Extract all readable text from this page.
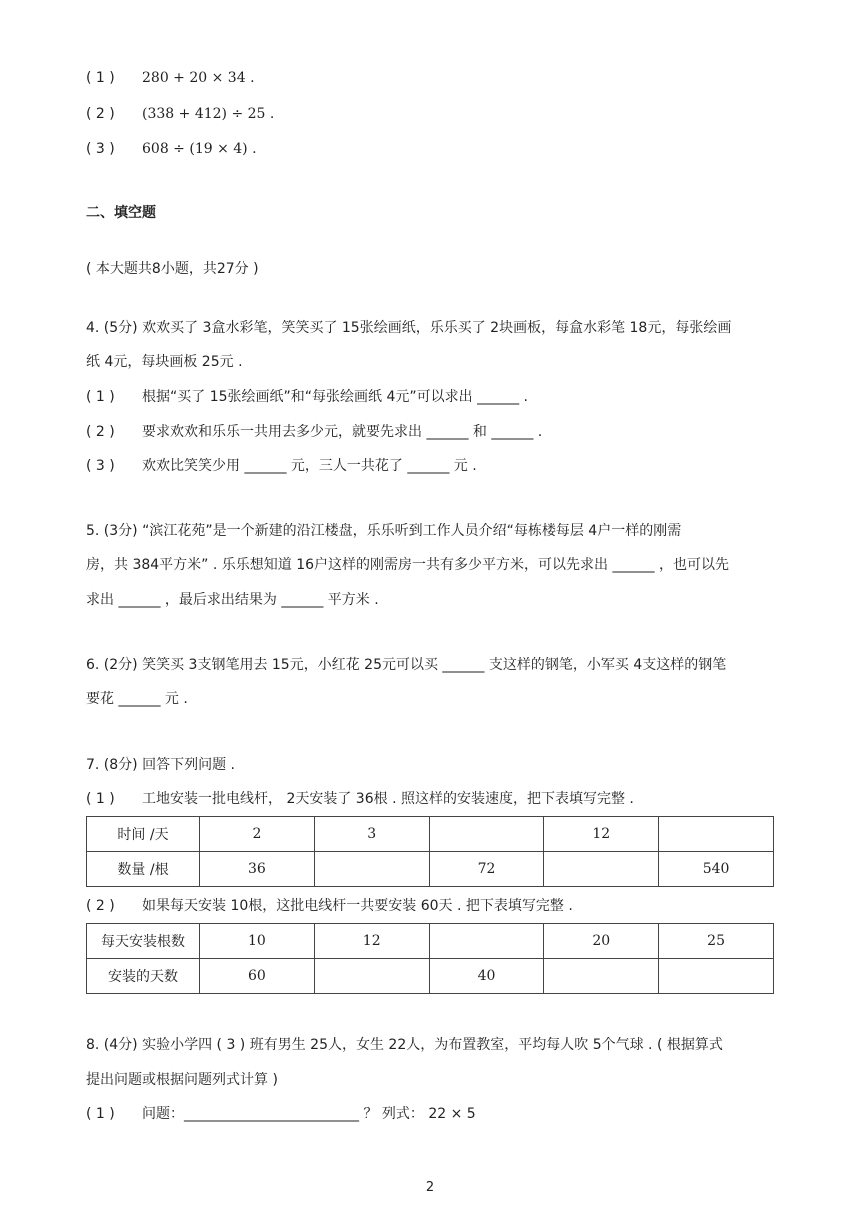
( 1 ) 280 + 20 × 34 .
( 2 ) (338 + 412) ÷ 25 .
( 3 ) 608 ÷ (19 × 4) .
二、填空题
( 本大题共8小题，共27分 )
4. (5分) 欢欢买了 3盒水彩笔，笑笑买了 15张绘画纸，乐乐买了 2块画板，每盒水彩笔 18元，每张绘画
纸 4元，每块画板 25元 .
( 1 ) 根据“买了 15张绘画纸”和“每张绘画纸 4元”可以求出 ______ .
( 2 ) 要求欢欢和乐乐一共用去多少元，就要先求出 ______ 和 ______ .
( 3 ) 欢欢比笑笑少用 ______ 元，三人一共花了 ______ 元 .
5. (3分) “滨江花苑”是一个新建的沿江楼盘，乐乐听到工作人员介绍“每栋楼每层 4户一样的刚需
房，共 384平方米” . 乐乐想知道 16户这样的刚需房一共有多少平方米，可以先求出 ______ ，也可以先
求出 ______ ，最后求出结果为 ______ 平方米 .
6. (2分) 笑笑买 3支钢笔用去 15元，小红花 25元可以买 ______ 支这样的钢笔，小军买 4支这样的钢笔
要花 ______ 元 .
7. (8分) 回答下列问题 .
( 1 ) 工地安装一批电线杆， 2天安装了 36根 . 照这样的安装速度，把下表填写完整 .
时间 /天	2	3		12	
数量 /根	36		72		540
( 2 ) 如果每天安装 10根，这批电线杆一共要安装 60天 . 把下表填写完整 .
每天安装根数	10	12		20	25
安装的天数	60		40		
8. (4分) 实验小学四 ( 3 ) 班有男生 25人，女生 22人，为布置教室，平均每人吹 5个气球 . ( 根据算式
提出问题或根据问题列式计算 )
( 1 ) 问题：_________________________ ？ 列式： 22 × 5
2
